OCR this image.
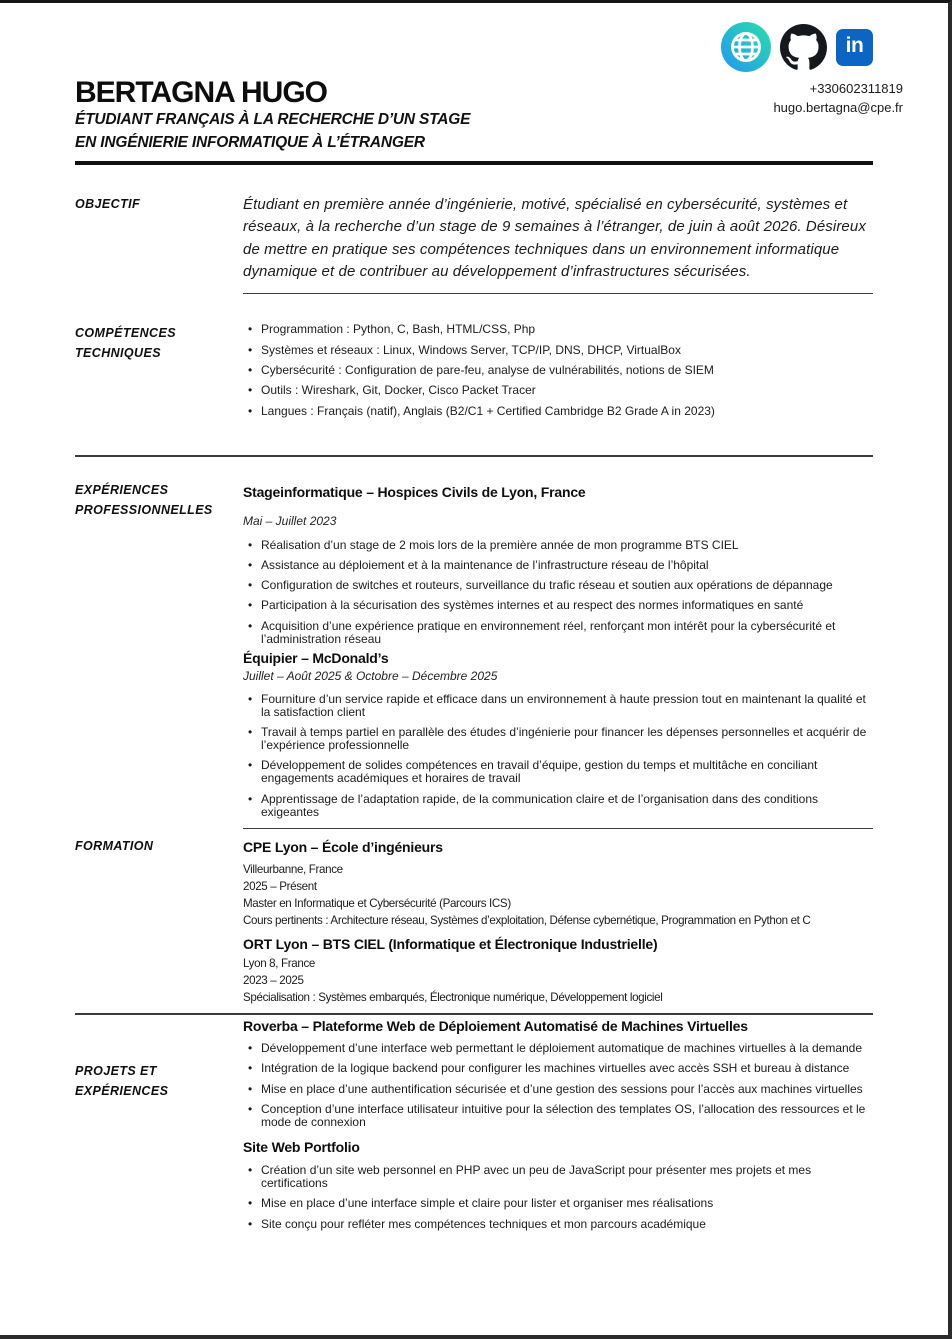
in
BERTAGNA HUGO
ÉTUDIANT FRANÇAIS À LA RECHERCHE D’UN STAGE
EN INGÉNIERIE INFORMATIQUE À L’ÉTRANGER
+330602311819
hugo.bertagna@cpe.fr
OBJECTIF	Étudiant en première année d’ingénierie, motivé, spécialisé en cybersécurité, systèmes et réseaux, à la recherche d’un stage de 9 semaines à l’étranger, de juin à août 2026. Désireux de mettre en pratique ses compétences techniques dans un environnement informatique dynamique et de contribuer au développement d’infrastructures sécurisées.
COMPÉTENCES
TECHNIQUES
• Programmation : Python, C, Bash, HTML/CSS, Php
• Systèmes et réseaux : Linux, Windows Server, TCP/IP, DNS, DHCP, VirtualBox
• Cybersécurité : Configuration de pare-feu, analyse de vulnérabilités, notions de SIEM
• Outils : Wireshark, Git, Docker, Cisco Packet Tracer
• Langues : Français (natif), Anglais (B2/C1 + Certified Cambridge B2 Grade A in 2023)
EXPÉRIENCES
PROFESSIONNELLES
Stageinformatique – Hospices Civils de Lyon, France
Mai – Juillet 2023
• Réalisation d’un stage de 2 mois lors de la première année de mon programme BTS CIEL
• Assistance au déploiement et à la maintenance de l’infrastructure réseau de l’hôpital
• Configuration de switches et routeurs, surveillance du trafic réseau et soutien aux opérations de dépannage
• Participation à la sécurisation des systèmes internes et au respect des normes informatiques en santé
• Acquisition d’une expérience pratique en environnement réel, renforçant mon intérêt pour la cybersécurité et l’administration réseau
Équipier – McDonald’s
Juillet – Août 2025 & Octobre – Décembre 2025
• Fourniture d’un service rapide et efficace dans un environnement à haute pression tout en maintenant la qualité et la satisfaction client
• Travail à temps partiel en parallèle des études d’ingénierie pour financer les dépenses personnelles et acquérir de l’expérience professionnelle
• Développement de solides compétences en travail d’équipe, gestion du temps et multitâche en conciliant engagements académiques et horaires de travail
• Apprentissage de l’adaptation rapide, de la communication claire et de l’organisation dans des conditions exigeantes
FORMATION	CPE Lyon – École d’ingénieurs
Villeurbanne, France
2025 – Présent
Master en Informatique et Cybersécurité (Parcours ICS)
Cours pertinents : Architecture réseau, Systèmes d’exploitation, Défense cybernétique, Programmation en Python et C
ORT Lyon – BTS CIEL (Informatique et Électronique Industrielle)
Lyon 8, France
2023 – 2025
Spécialisation : Systèmes embarqués, Électronique numérique, Développement logiciel
PROJETS ET
EXPÉRIENCES
Roverba – Plateforme Web de Déploiement Automatisé de Machines Virtuelles
• Développement d’une interface web permettant le déploiement automatique de machines virtuelles à la demande
• Intégration de la logique backend pour configurer les machines virtuelles avec accès SSH et bureau à distance
• Mise en place d’une authentification sécurisée et d’une gestion des sessions pour l’accès aux machines virtuelles
• Conception d’une interface utilisateur intuitive pour la sélection des templates OS, l’allocation des ressources et le mode de connexion
Site Web Portfolio
• Création d’un site web personnel en PHP avec un peu de JavaScript pour présenter mes projets et mes certifications
• Mise en place d’une interface simple et claire pour lister et organiser mes réalisations
• Site conçu pour refléter mes compétences techniques et mon parcours académique
